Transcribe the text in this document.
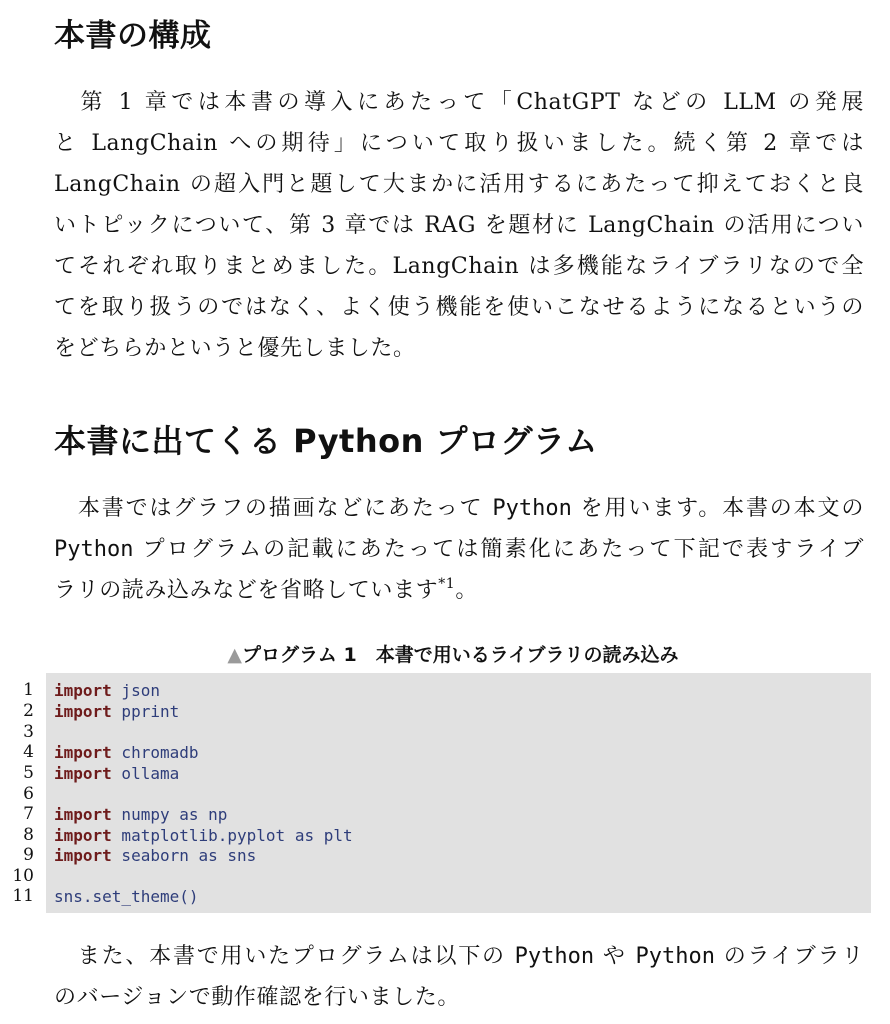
本書の構成
　第 1 章では本書の導入にあたって「ChatGPT などの LLM の発展
と LangChain への期待」について取り扱いました。続く第 2 章では
LangChain の超入門と題して大まかに活用するにあたって抑えておくと良
いトピックについて、第 3 章では RAG を題材に LangChain の活用につい
てそれぞれ取りまとめました。LangChain は多機能なライブラリなので全
てを取り扱うのではなく、よく使う機能を使いこなせるようになるというの
をどちらかというと優先しました。
本書に出てくる Python プログラム
　本書ではグラフの描画などにあたって Python を用います。本書の本文の
Python プログラムの記載にあたっては簡素化にあたって下記で表すライブ
ラリの読み込みなどを省略しています$^{*1}$。

▲プログラム 1　本書で用いるライブラリの読み込み

1 import json
2 import pprint
3
4 import chromadb
5 import ollama
6
7 import numpy as np
8 import matplotlib.pyplot as plt
9 import seaborn as sns
10
11 sns.set_theme()
　また、本書で用いたプログラムは以下の Python や Python のライブラリ
のバージョンで動作確認を行いました。
